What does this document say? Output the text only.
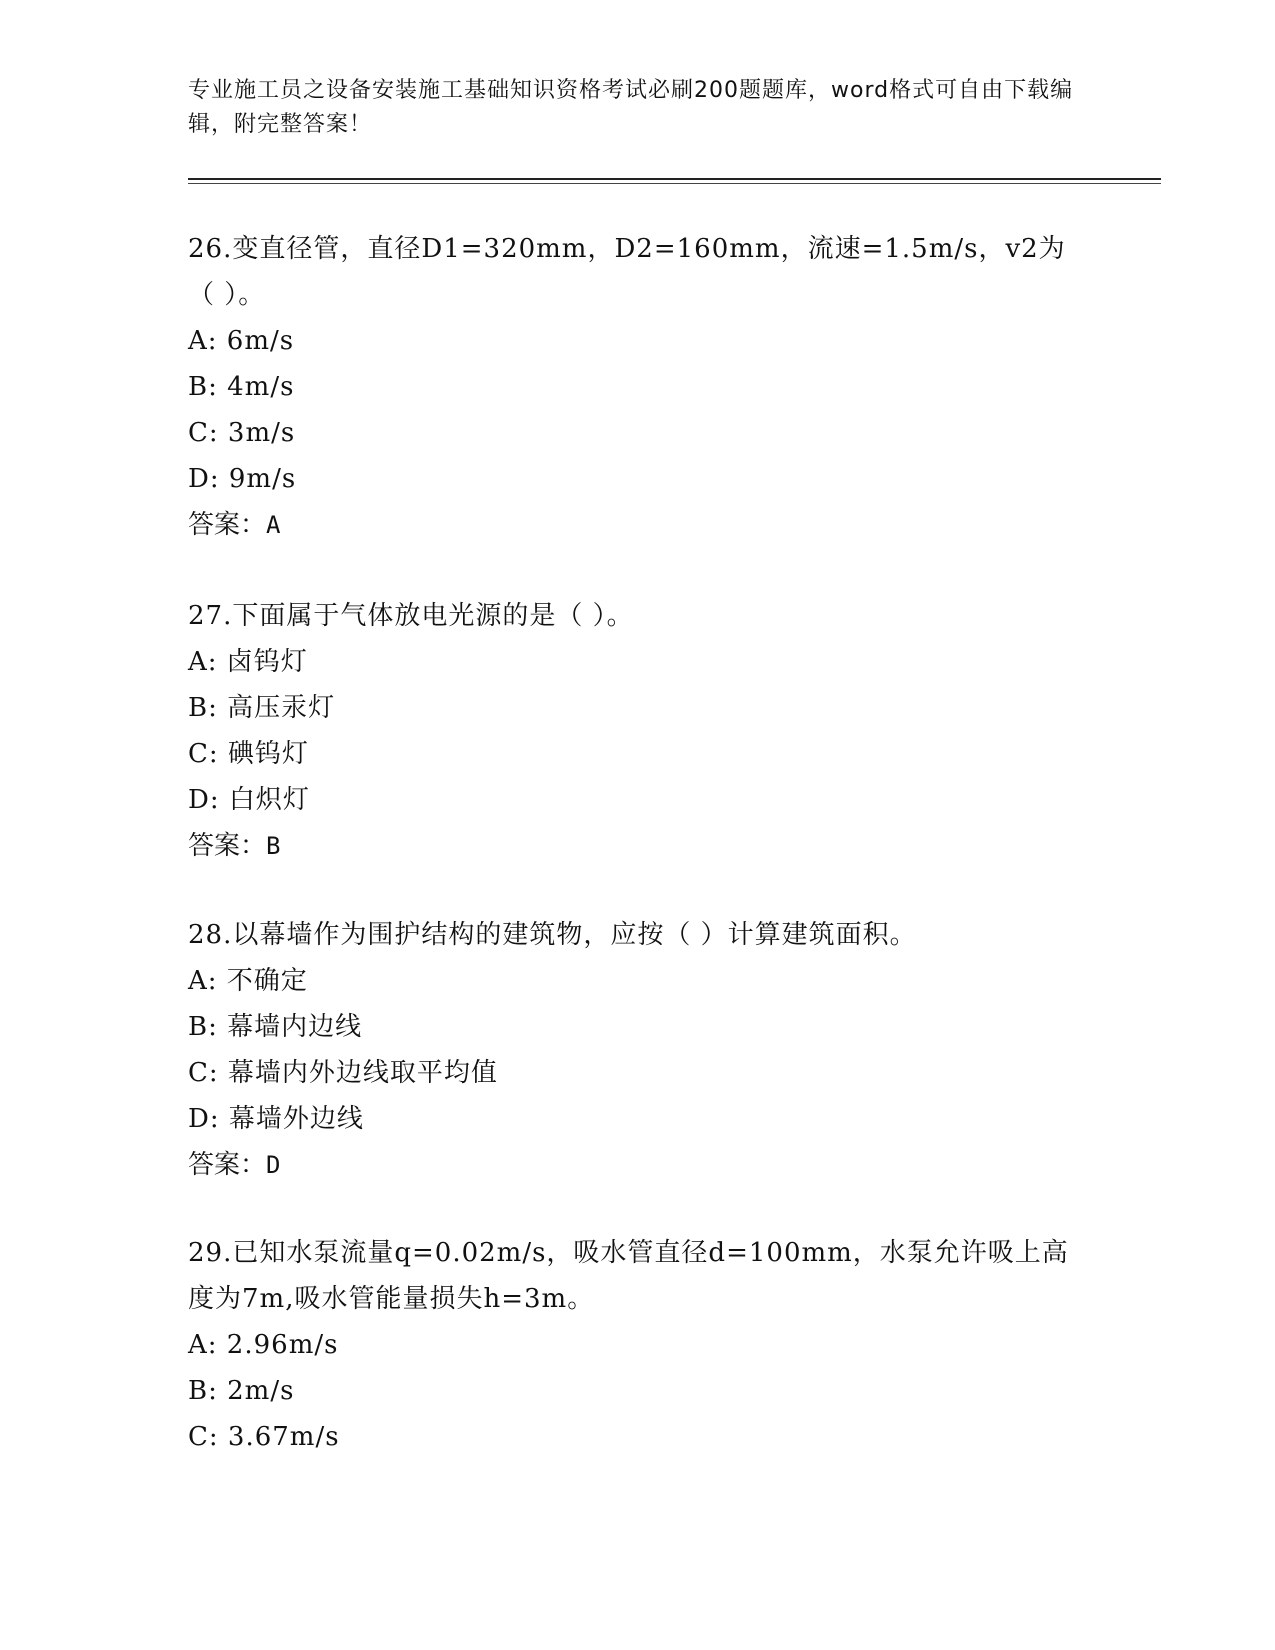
专业施工员之设备安装施工基础知识资格考试必刷200题题库，word格式可自由下载编辑，附完整答案！
26.变直径管，直径D1=320mm，D2=160mm，流速=1.5m/s，v2为（ ）。
A: 6m/s
B: 4m/s
C: 3m/s
D: 9m/s
答案：A
27.下面属于气体放电光源的是（ ）。
A: 卤钨灯
B: 高压汞灯
C: 碘钨灯
D: 白炽灯
答案：B
28.以幕墙作为围护结构的建筑物，应按（ ）计算建筑面积。
A: 不确定
B: 幕墙内边线
C: 幕墙内外边线取平均值
D: 幕墙外边线
答案：D
29.已知水泵流量q=0.02m/s，吸水管直径d=100mm，水泵允许吸上高度为7m,吸水管能量损失h=3m。
A: 2.96m/s
B: 2m/s
C: 3.67m/s
